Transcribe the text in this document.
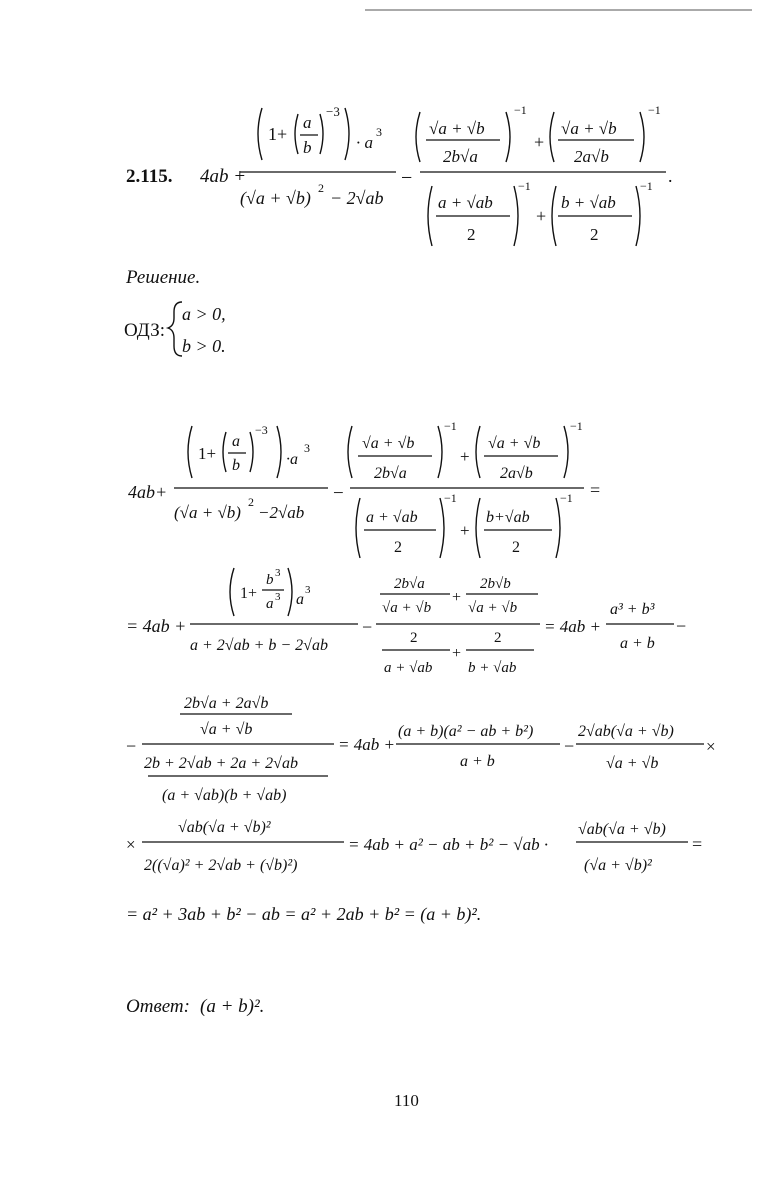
2.115. 4ab +
1+
a
b
−3
· a
3
(√a + √b) 2 − 2√ab
−
√a + √b
2b√a
−1
+
√a + √b
2a√b
−1
.
a + √ab
2
−1
+
b + √ab
2
−1
Решение.
ОДЗ:
a > 0,
b > 0.
4ab+
1+
a
b
−3
·a
3
(√a + √b)
2
−2√ab
−
√a + √b
2b√a
−1
+
√a + √b
2a√b
−1
=
a + √ab
2
−1
+
b+√ab
2
−1
= 4ab +
1+
b 3
a 3 a
3
a + 2√ab + b − 2√ab
−
2b√a
√a + √b
+
2b√b
√a + √b
2
a + √ab
+
2
b + √ab
= 4ab +
a³ + b³
a + b
−
−
2b√a + 2a√b
√a + √b
2b + 2√ab + 2a + 2√ab
(a + √ab)(b + √ab)
= 4ab +
(a + b)(a² − ab + b²)
a + b
−
2√ab(√a + √b)
√a + √b
×
×
√ab(√a + √b)²
2((√a)² + 2√ab + (√b)²)
= 4ab + a² − ab + b² − √ab ·
√ab(√a + √b)
(√a + √b)²
=
= a² + 3ab + b² − ab = a² + 2ab + b² = (a + b)².
Ответ: (a + b)².
110
